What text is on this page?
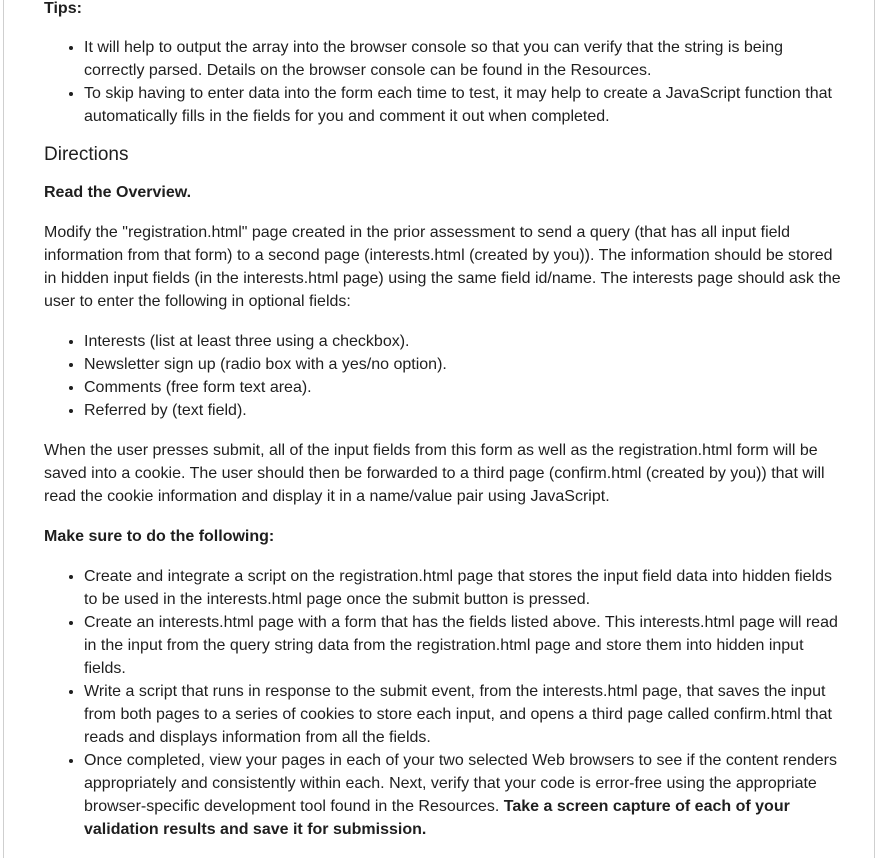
Tips:
• It will help to output the array into the browser console so that you can verify that the string is being correctly parsed. Details on the browser console can be found in the Resources.
• To skip having to enter data into the form each time to test, it may help to create a JavaScript function that automatically fills in the fields for you and comment it out when completed.
Directions
Read the Overview.

Modify the "registration.html" page created in the prior assessment to send a query (that has all input field information from that form) to a second page (interests.html (created by you)). The information should be stored in hidden input fields (in the interests.html page) using the same field id/name. The interests page should ask the user to enter the following in optional fields:

• Interests (list at least three using a checkbox).
• Newsletter sign up (radio box with a yes/no option).
• Comments (free form text area).
• Referred by (text field).

When the user presses submit, all of the input fields from this form as well as the registration.html form will be saved into a cookie. The user should then be forwarded to a third page (confirm.html (created by you)) that will read the cookie information and display it in a name/value pair using JavaScript.

Make sure to do the following:
• Create and integrate a script on the registration.html page that stores the input field data into hidden fields to be used in the interests.html page once the submit button is pressed.
• Create an interests.html page with a form that has the fields listed above. This interests.html page will read in the input from the query string data from the registration.html page and store them into hidden input fields.
• Write a script that runs in response to the submit event, from the interests.html page, that saves the input from both pages to a series of cookies to store each input, and opens a third page called confirm.html that reads and displays information from all the fields.
• Once completed, view your pages in each of your two selected Web browsers to see if the content renders appropriately and consistently within each. Next, verify that your code is error-free using the appropriate browser-specific development tool found in the Resources. Take a screen capture of each of your validation results and save it for submission.
